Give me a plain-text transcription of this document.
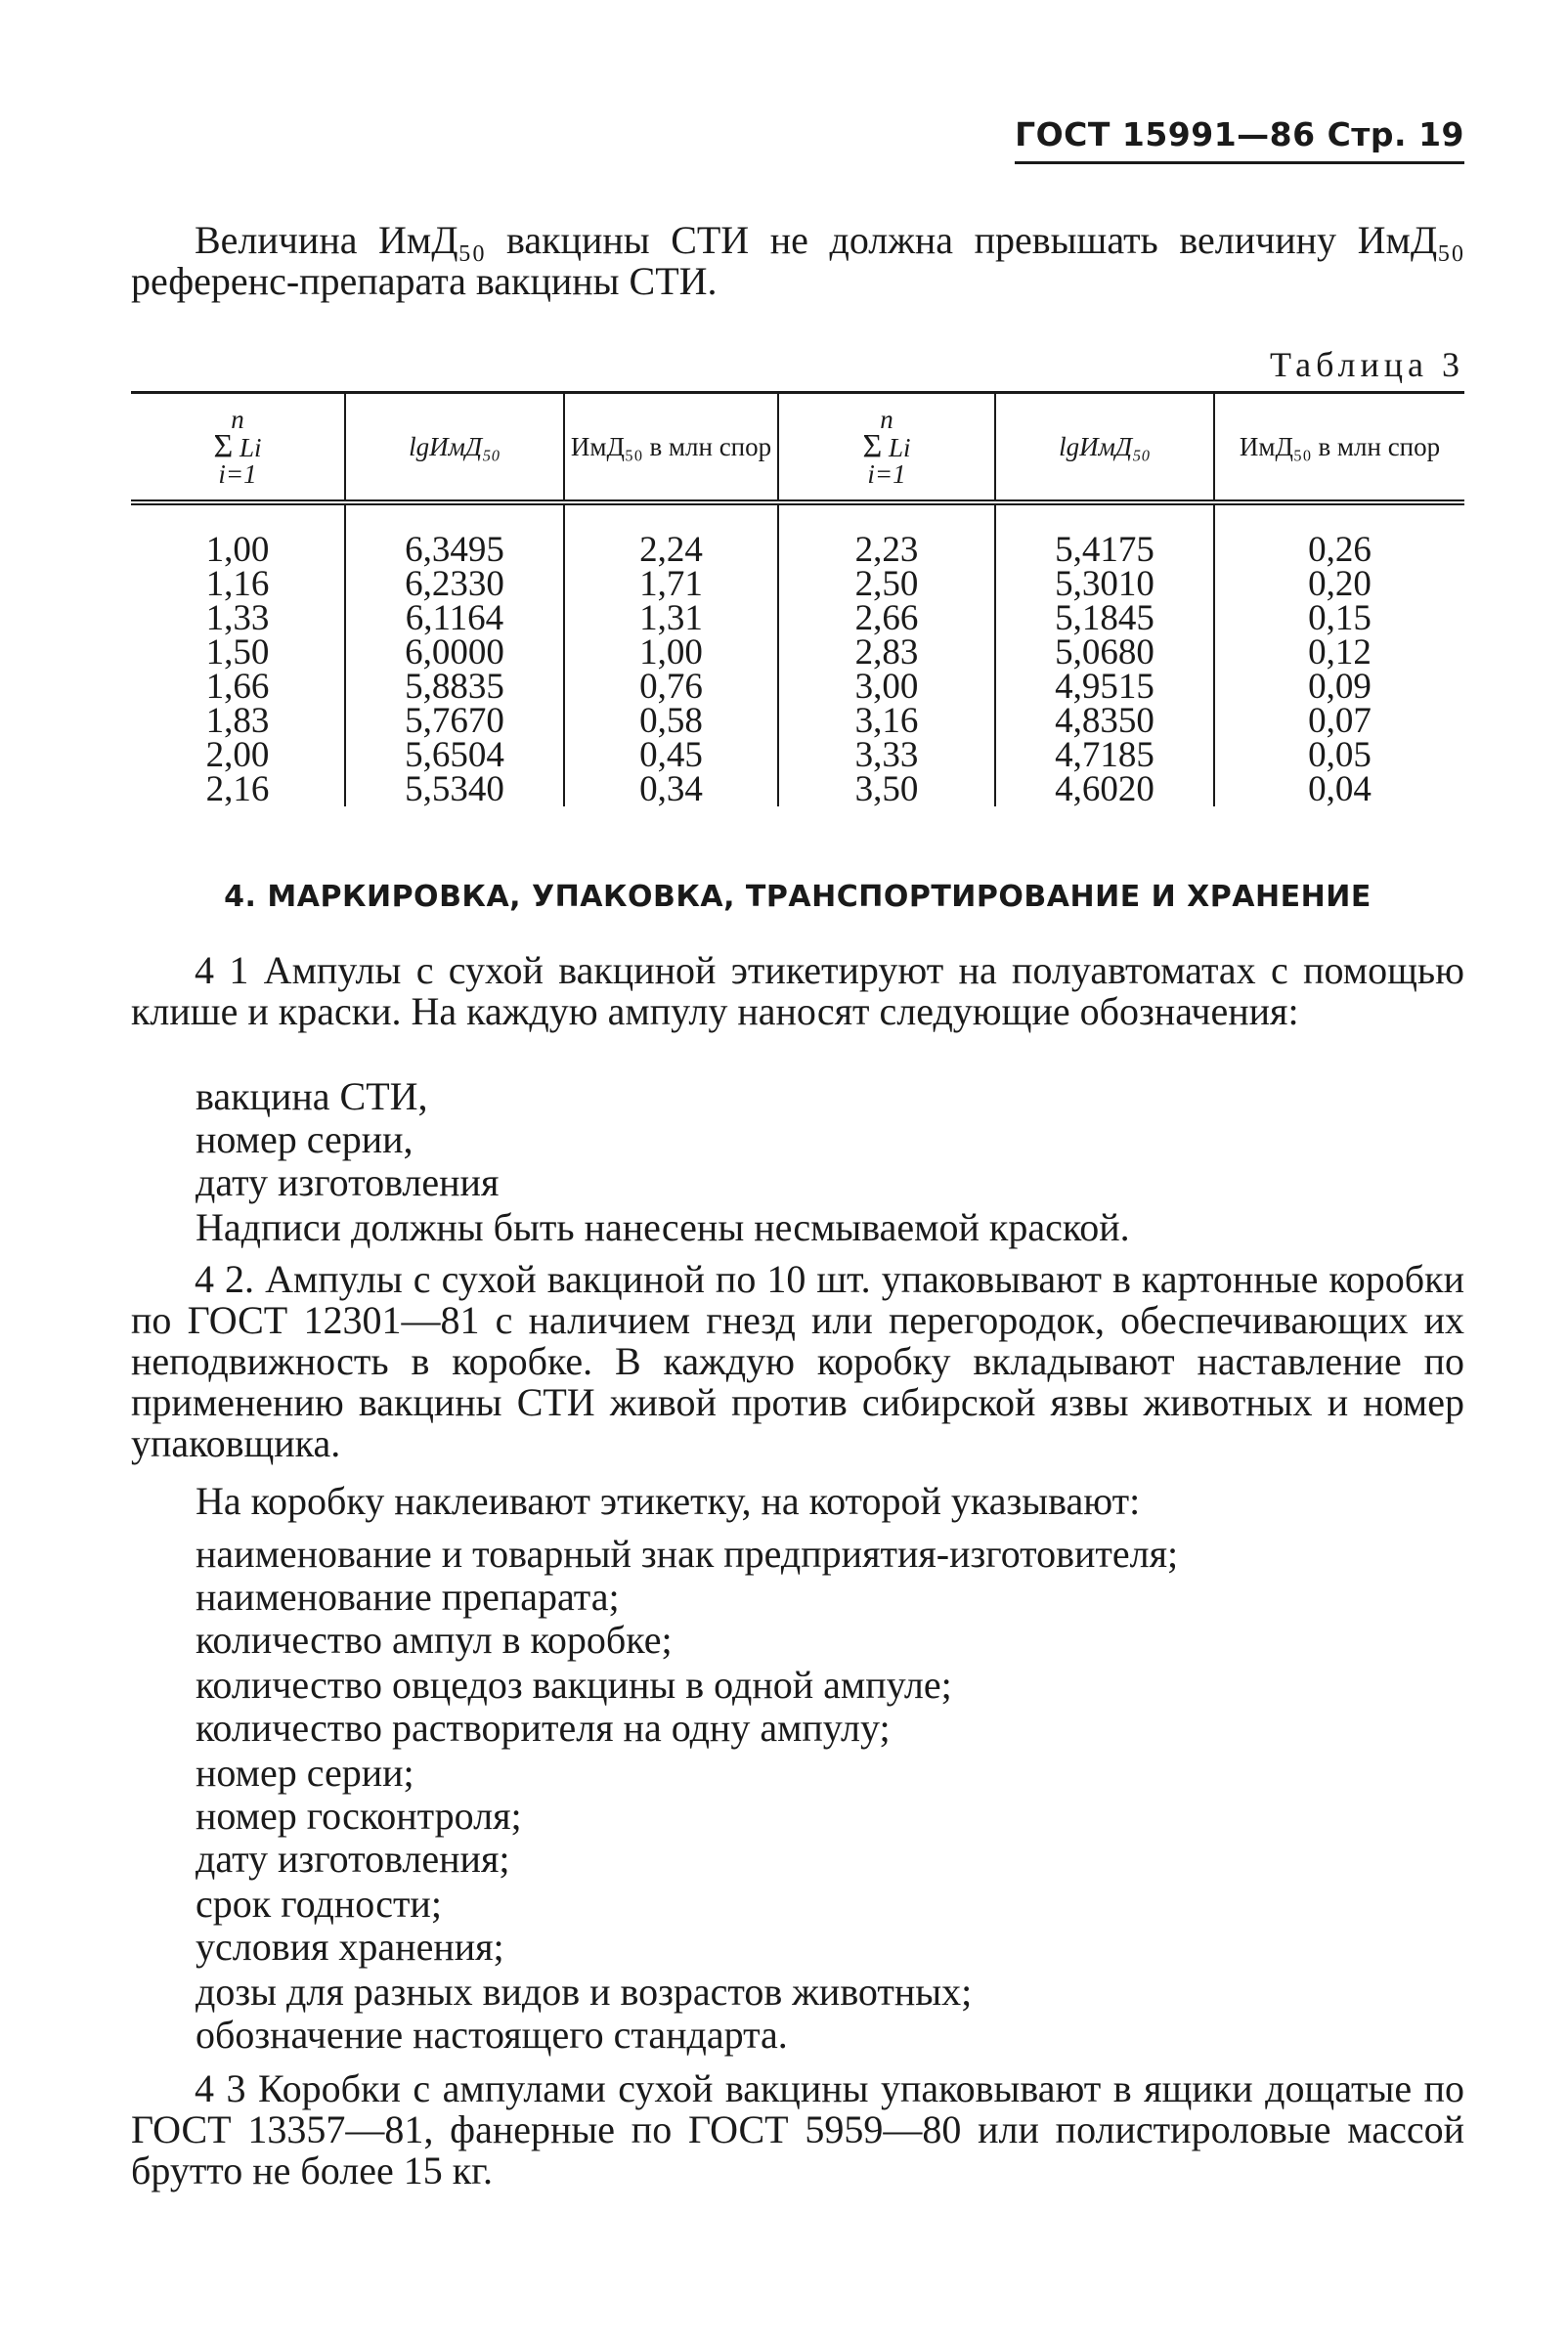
ГОСТ 15991—86 Стр. 19
Величина ИмД₅₀ вакцины СТИ не должна превышать величину ИмД₅₀ референс-препарата вакцины СТИ.
Таблица 3
n
Σ Li
i=1	lgИмД₅₀	ИмД₅₀ в млн спор	n
Σ Li
i=1	lgИмД₅₀	ИмД₅₀ в млн спор
1,00	6,3495	2,24	2,23	5,4175	0,26
1,16	6,2330	1,71	2,50	5,3010	0,20
1,33	6,1164	1,31	2,66	5,1845	0,15
1,50	6,0000	1,00	2,83	5,0680	0,12
1,66	5,8835	0,76	3,00	4,9515	0,09
1,83	5,7670	0,58	3,16	4,8350	0,07
2,00	5,6504	0,45	3,33	4,7185	0,05
2,16	5,5340	0,34	3,50	4,6020	0,04
4. МАРКИРОВКА, УПАКОВКА, ТРАНСПОРТИРОВАНИЕ И ХРАНЕНИЕ
4 1 Ампулы с сухой вакциной этикетируют на полуавтоматах с помощью клише и краски. На каждую ампулу наносят следующие обозначения:
вакцина СТИ,
номер серии,
дату изготовления
Надписи должны быть нанесены несмываемой краской.
4 2. Ампулы с сухой вакциной по 10 шт. упаковывают в картонные коробки по ГОСТ 12301—81 с наличием гнезд или перегородок, обеспечивающих их неподвижность в коробке. В каждую коробку вкладывают наставление по применению вакцины СТИ живой против сибирской язвы животных и номер упаковщика.
На коробку наклеивают этикетку, на которой указывают:
наименование и товарный знак предприятия-изготовителя;
наименование препарата;
количество ампул в коробке;
количество овцедоз вакцины в одной ампуле;
количество растворителя на одну ампулу;
номер серии;
номер госконтроля;
дату изготовления;
срок годности;
условия хранения;
дозы для разных видов и возрастов животных;
обозначение настоящего стандарта.
4 3 Коробки с ампулами сухой вакцины упаковывают в ящики дощатые по ГОСТ 13357—81, фанерные по ГОСТ 5959—80 или полистироловые массой брутто не более 15 кг.
